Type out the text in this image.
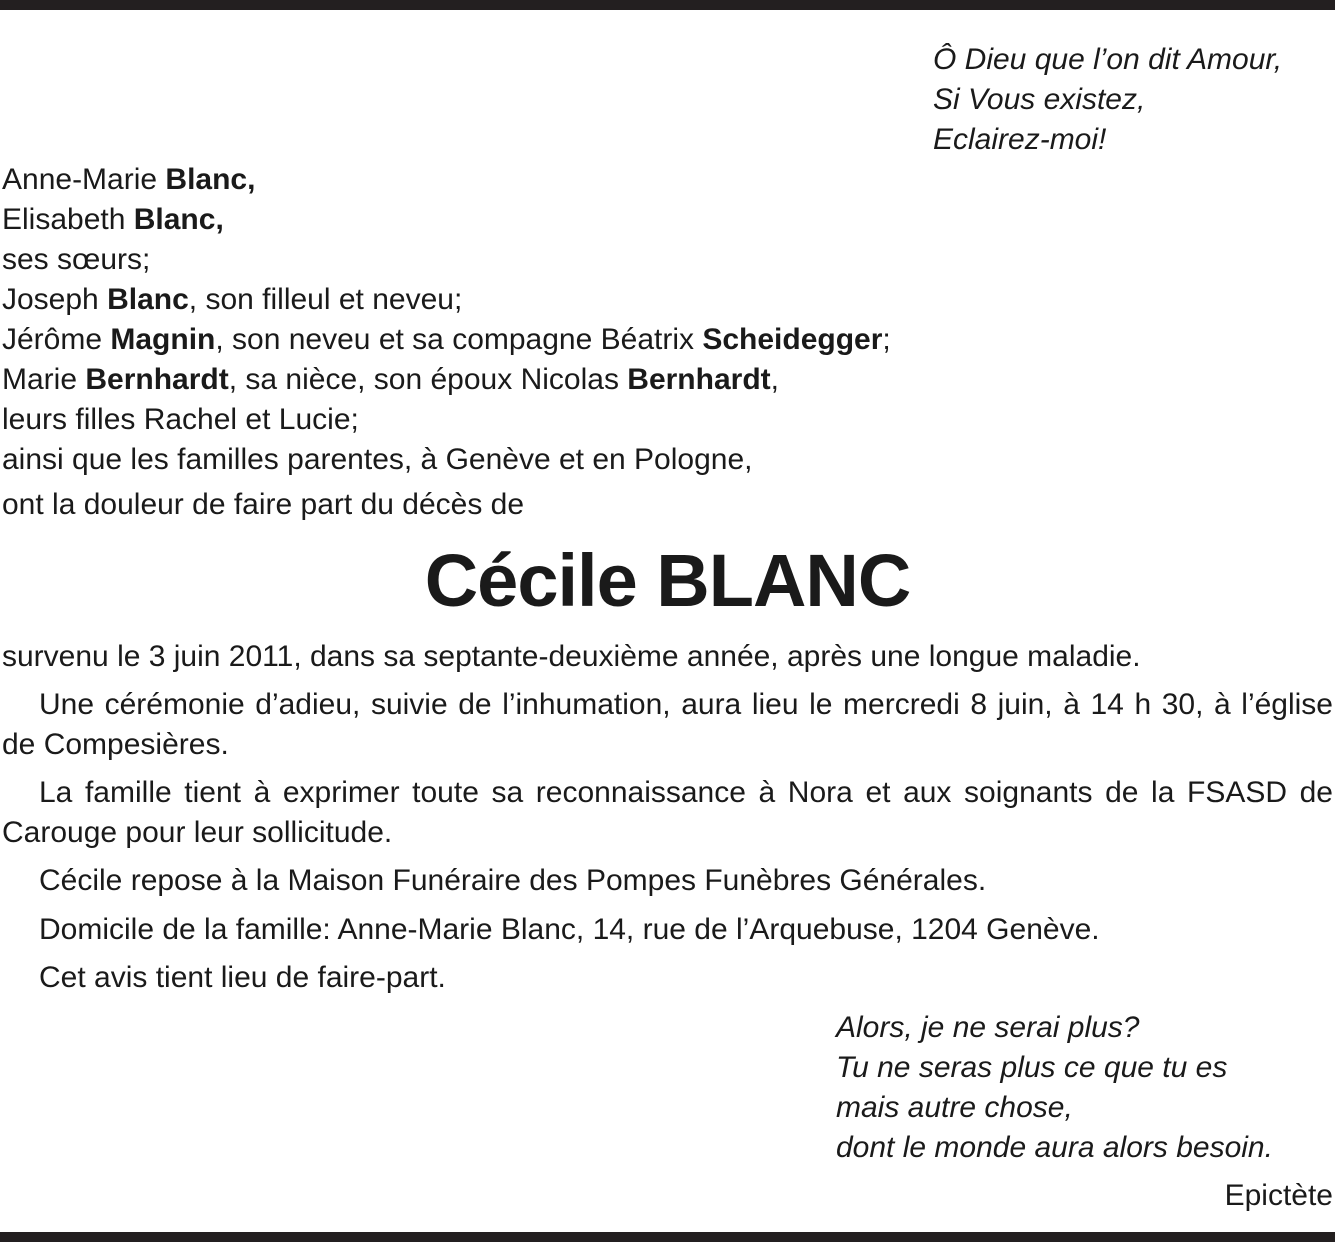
Ô Dieu que l’on dit Amour,
Si Vous existez,
Eclairez-moi!
Anne-Marie Blanc,
Elisabeth Blanc,
ses sœurs;
Joseph Blanc, son filleul et neveu;
Jérôme Magnin, son neveu et sa compagne Béatrix Scheidegger;
Marie Bernhardt, sa nièce, son époux Nicolas Bernhardt,
leurs filles Rachel et Lucie;
ainsi que les familles parentes, à Genève et en Pologne,
ont la douleur de faire part du décès de
Cécile BLANC
survenu le 3 juin 2011, dans sa septante-deuxième année, après une longue maladie.
Une cérémonie d’adieu, suivie de l’inhumation, aura lieu le mercredi 8 juin, à 14 h 30, à l’église de Compesières.
La famille tient à exprimer toute sa reconnaissance à Nora et aux soignants de la FSASD de Carouge pour leur sollicitude.
Cécile repose à la Maison Funéraire des Pompes Funèbres Générales.
Domicile de la famille: Anne-Marie Blanc, 14, rue de l’Arquebuse, 1204 Genève.
Cet avis tient lieu de faire-part.
Alors, je ne serai plus?
Tu ne seras plus ce que tu es
mais autre chose,
dont le monde aura alors besoin.
Epictète
